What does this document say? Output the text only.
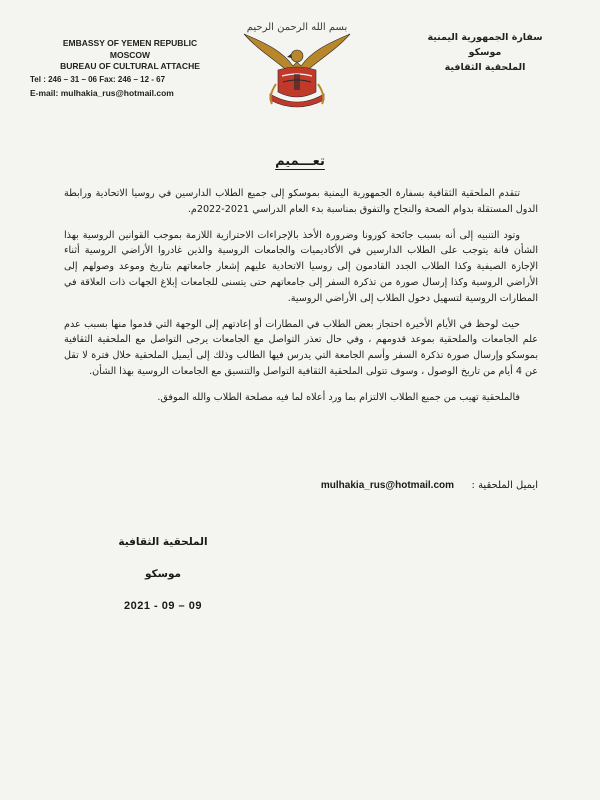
EMBASSY OF YEMEN REPUBLIC
MOSCOW
BUREAU OF CULTURAL ATTACHE
Tel : 246 – 31 – 06 Fax: 246 – 12 - 67
E-mail: mulhakia_rus@hotmail.com
بسم الله الرحمن الرحيم
سفارة الجمهورية اليمنية
موسكو
الملحقية الثقافية
تعـــميم

تتقدم الملحقية الثقافية بسفارة الجمهورية اليمنية بموسكو إلى جميع الطلاب الدارسين في روسيا الاتحادية ورابطة الدول المستقلة بدوام الصحة والنجاح والتفوق بمناسبة بدء العام الدراسي 2021-2022م.

وتود التنبيه إلى أنه بسبب جائحة كورونا وضرورة الأخذ بالإجراءات الاحترازية اللازمة بموجب القوانين الروسية بهذا الشأن فانة يتوجب على الطلاب الدارسين في الأكاديميات والجامعات الروسية والذين غادروا الأراضي الروسية أثناء الإجازة الصيفية وكذا الطلاب الجدد القادمون إلى روسيا الاتحادية عليهم إشعار جامعاتهم بتاريخ وموعد وصولهم إلى الأراضي الروسية وكذا إرسال صورة من تذكرة السفر إلى جامعاتهم حتى يتسنى للجامعات إبلاغ الجهات ذات العلاقة في المطارات الروسية لتسهيل دخول الطلاب إلى الأراضي الروسية.

حيث لوحظ في الأيام الأخيرة احتجاز بعض الطلاب في المطارات أو إعادتهم إلى الوجهة التي قدموا منها بسبب عدم علم الجامعات والملحقية بموعد قدومهم ، وفي حال تعذر التواصل مع الجامعات يرجى التواصل مع الملحقية الثقافية بموسكو وإرسال صورة تذكرة السفر وأسم الجامعة التي يدرس فيها الطالب وذلك إلى أيميل الملحقية خلال فترة لا تقل عن 4 أيام من تاريخ الوصول ، وسوف تتولى الملحقية الثقافية التواصل والتنسيق مع الجامعات الروسية بهذا الشأن.

فالملحقية تهيب من جميع الطلاب الالتزام بما ورد أعلاه لما فيه مصلحة الطلاب والله الموفق.

ايميل الملحقية : mulhakia_rus@hotmail.com
الملحقية الثقافية
موسكو
2021 - 09 – 09
